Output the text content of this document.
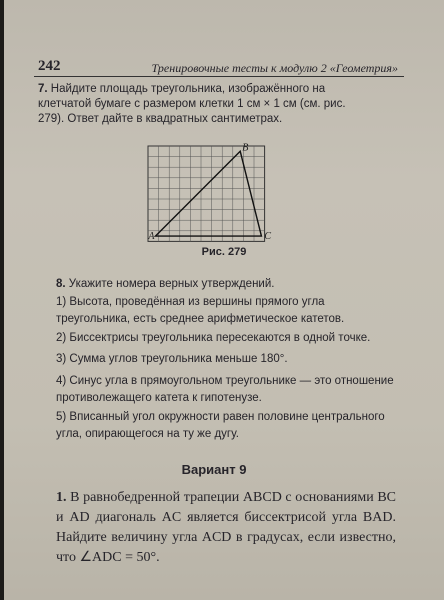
242	Тренировочные тесты к модулю 2 «Геометрия»
7. Найдите площадь треугольника, изображённого на клетчатой бумаге с размером клетки 1 см × 1 см (см. рис. 279). Ответ дайте в квадратных сантиметрах.
A
B
C
Рис. 279
8. Укажите номера верных утверждений.
1) Высота, проведённая из вершины прямого угла треугольника, есть среднее арифметическое катетов.
2) Биссектрисы треугольника пересекаются в одной точке.
3) Сумма углов треугольника меньше 180°.
4) Синус угла в прямоугольном треугольнике — это отношение противолежащего катета к гипотенузе.
5) Вписанный угол окружности равен половине центрального угла, опирающегося на ту же дугу.
Вариант 9
1. В равнобедренной трапеции ABCD с основаниями BC и AD диагональ AC является биссектрисой угла BAD. Найдите величину угла ACD в градусах, если известно, что ∠ADC = 50°.
